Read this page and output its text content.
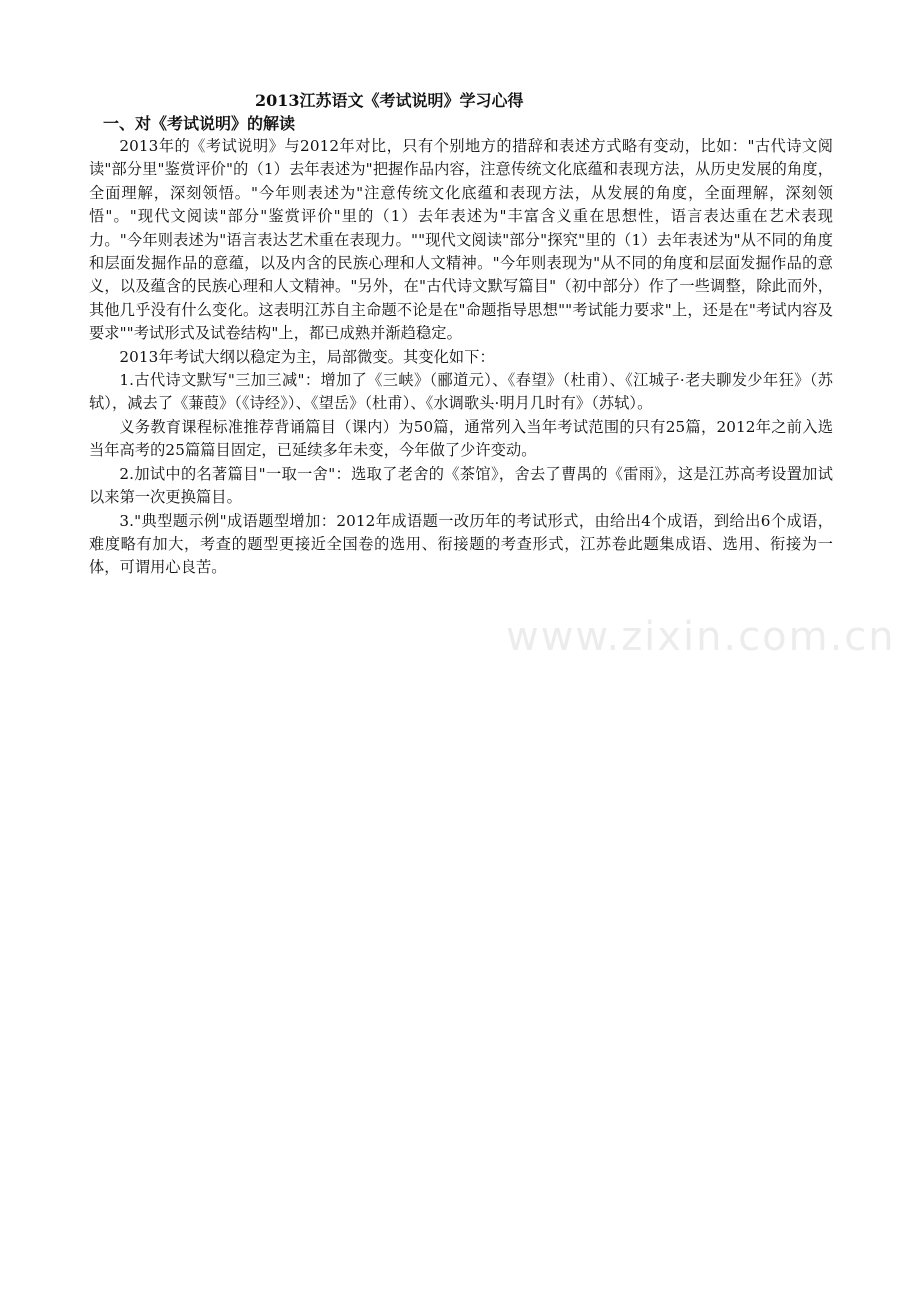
2013江苏语文《考试说明》学习心得

一、对《考试说明》的解读

2013年的《考试说明》与2012年对比，只有个别地方的措辞和表述方式略有变动，比如："古代诗文阅读"部分里"鉴赏评价"的（1）去年表述为"把握作品内容，注意传统文化底蕴和表现方法，从历史发展的角度，全面理解，深刻领悟。"今年则表述为"注意传统文化底蕴和表现方法，从发展的角度，全面理解，深刻领悟"。"现代文阅读"部分"鉴赏评价"里的（1）去年表述为"丰富含义重在思想性，语言表达重在艺术表现力。"今年则表述为"语言表达艺术重在表现力。""现代文阅读"部分"探究"里的（1）去年表述为"从不同的角度和层面发掘作品的意蕴，以及内含的民族心理和人文精神。"今年则表现为"从不同的角度和层面发掘作品的意义，以及蕴含的民族心理和人文精神。"另外，在"古代诗文默写篇目"（初中部分）作了一些调整，除此而外，其他几乎没有什么变化。这表明江苏自主命题不论是在"命题指导思想""考试能力要求"上，还是在"考试内容及要求""考试形式及试卷结构"上，都已成熟并渐趋稳定。

2013年考试大纲以稳定为主，局部微变。其变化如下：

1.古代诗文默写"三加三减"：增加了《三峡》（郦道元）、《春望》（杜甫）、《江城子·老夫聊发少年狂》（苏轼），减去了《蒹葭》（《诗经》）、《望岳》（杜甫）、《水调歌头·明月几时有》（苏轼）。

义务教育课程标准推荐背诵篇目（课内）为50篇，通常列入当年考试范围的只有25篇，2012年之前入选当年高考的25篇篇目固定，已延续多年未变，今年做了少许变动。

2.加试中的名著篇目"一取一舍"：选取了老舍的《茶馆》，舍去了曹禺的《雷雨》，这是江苏高考设置加试以来第一次更换篇目。

3."典型题示例"成语题型增加：2012年成语题一改历年的考试形式，由给出4个成语，到给出6个成语，难度略有加大，考查的题型更接近全国卷的选用、衔接题的考查形式，江苏卷此题集成语、选用、衔接为一体，可谓用心良苦。

www.zixin.com.cn
